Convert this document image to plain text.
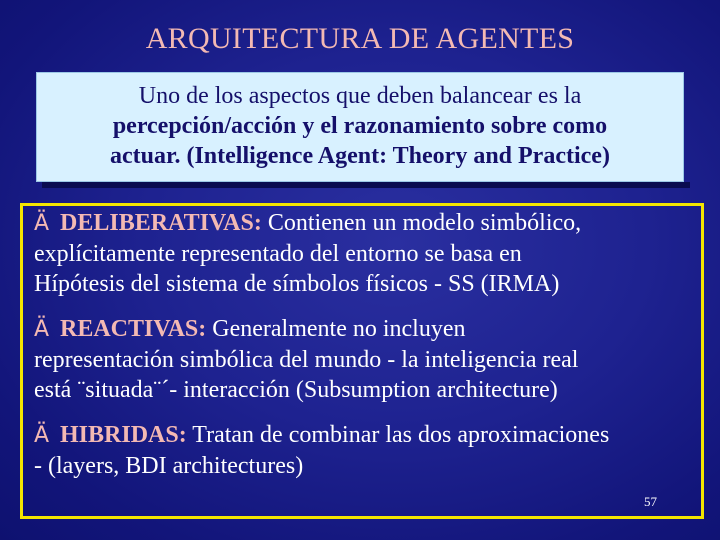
ARQUITECTURA DE AGENTES
Uno de los aspectos que deben balancear es la
percepción/acción y el razonamiento sobre como
actuar. (Intelligence Agent: Theory and Practice)
Ä DELIBERATIVAS: Contienen un modelo simbólico,
explícitamente representado del entorno se basa en
Hípótesis del sistema de símbolos físicos - SS (IRMA)
Ä REACTIVAS: Generalmente no incluyen
representación simbólica del mundo - la inteligencia real
está ¨situada¨´- interacción (Subsumption architecture)
Ä HIBRIDAS: Tratan de combinar las dos aproximaciones
- (layers, BDI architectures)
57
